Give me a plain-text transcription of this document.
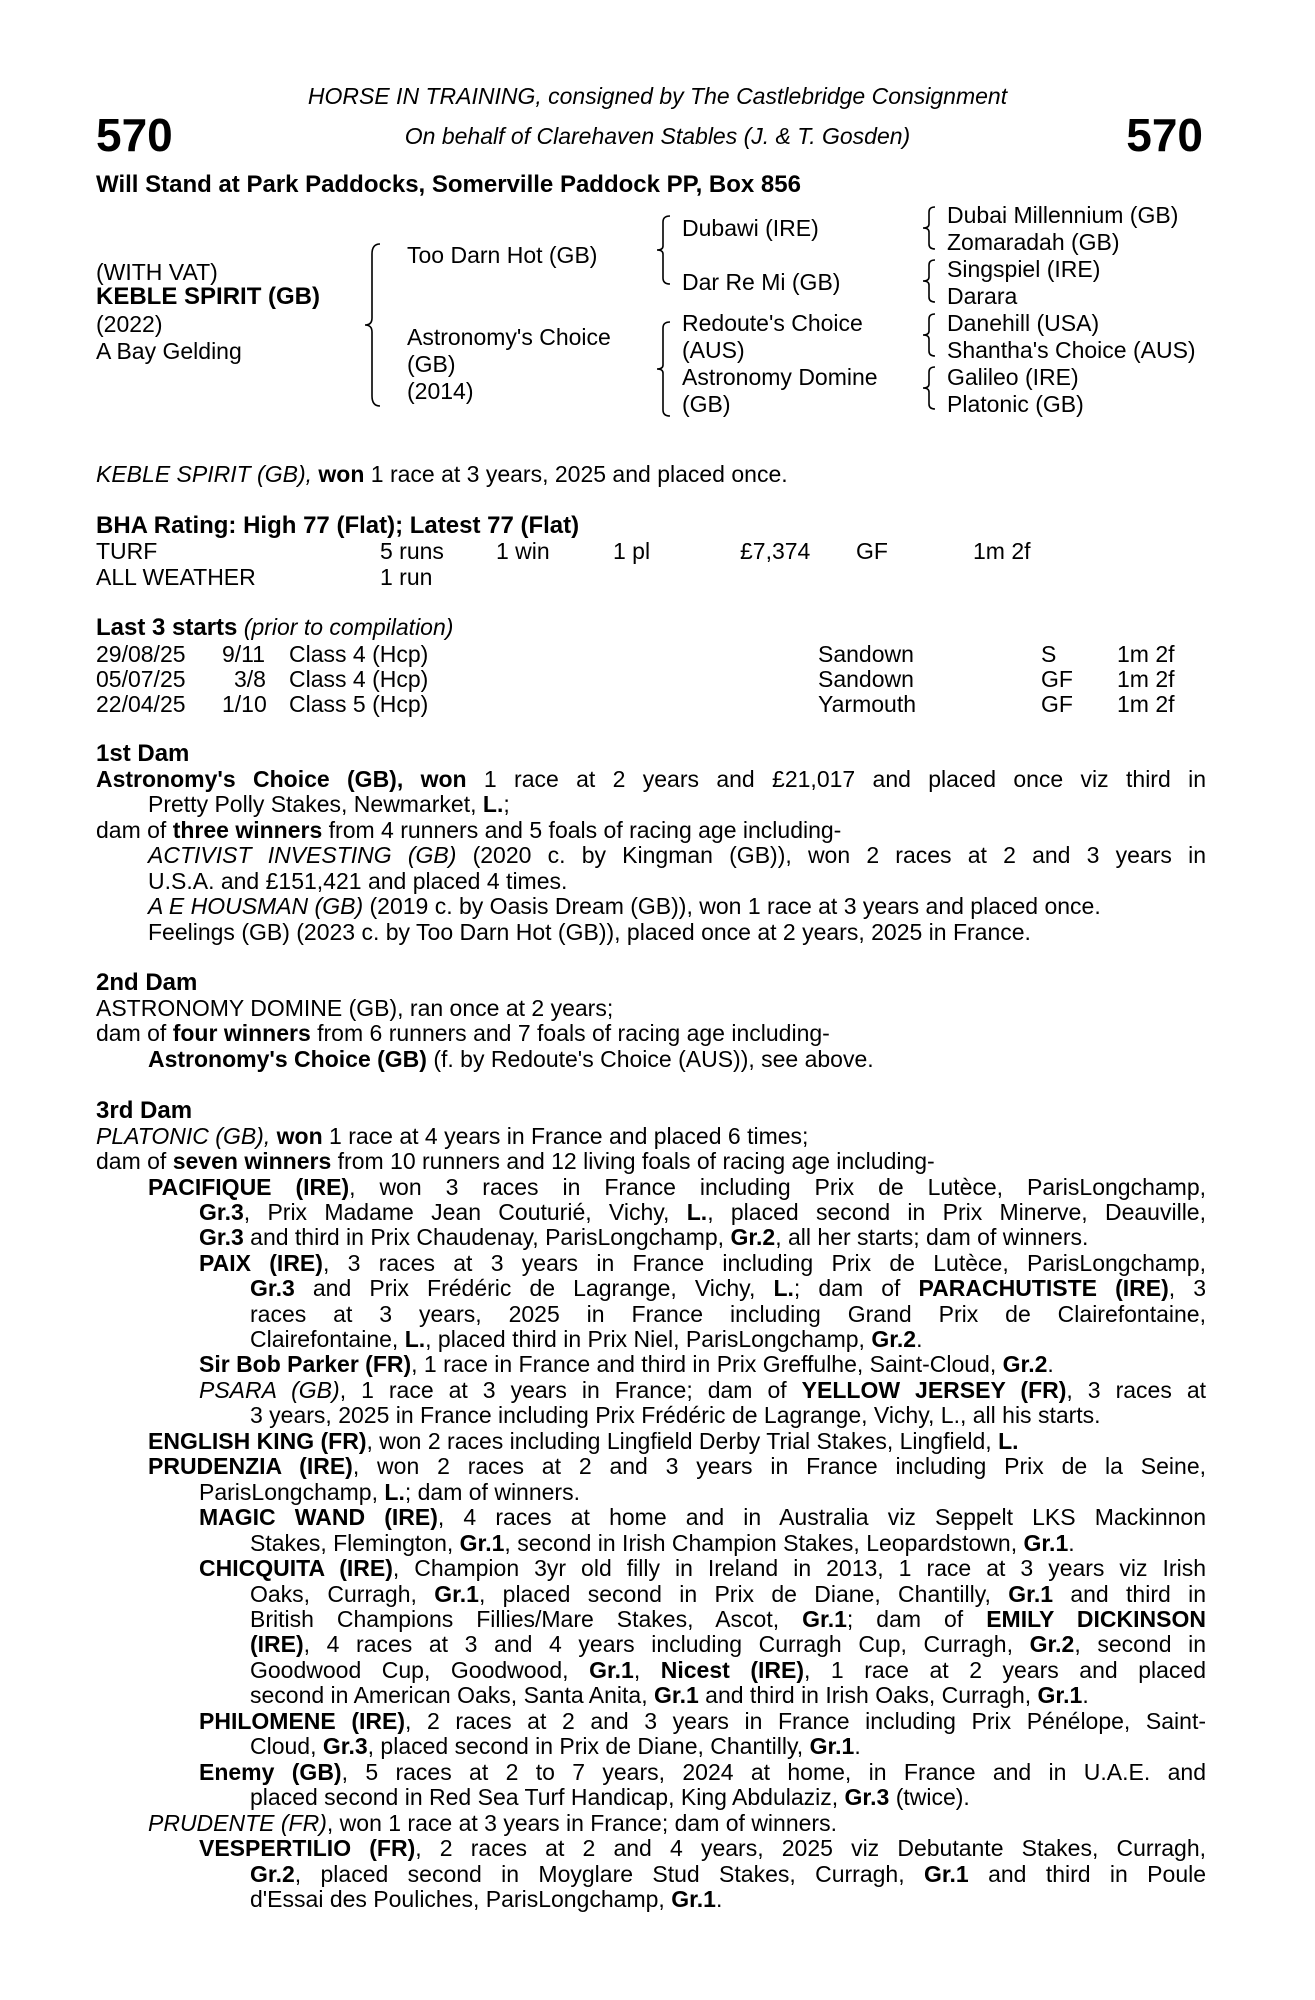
570	570
HORSE IN TRAINING, consigned by The Castlebridge Consignment
On behalf of Clarehaven Stables (J. & T. Gosden)
Will Stand at Park Paddocks, Somerville Paddock PP, Box 856
(WITH VAT)
KEBLE SPIRIT (GB)
(2022)
A Bay Gelding
Too Darn Hot (GB)
Astronomy's Choice
(GB)
(2014)
Dubawi (IRE)
Dar Re Mi (GB)
Redoute's Choice
(AUS)
Astronomy Domine
(GB)
Dubai Millennium (GB)
Zomaradah (GB)
Singspiel (IRE)
Darara
Danehill (USA)
Shantha's Choice (AUS)
Galileo (IRE)
Platonic (GB)
KEBLE SPIRIT (GB), won 1 race at 3 years, 2025 and placed once.
BHA Rating: High 77 (Flat); Latest 77 (Flat)
TURF	5 runs 1 win	1 pl	£7,374 GF	1m 2f
ALL WEATHER	1 run
Last 3 starts (prior to compilation)
29/08/25 9/11 Class 4 (Hcp)	Sandown	S	1m 2f
05/07/25 3/8 Class 4 (Hcp)	Sandown	GF 1m 2f
22/04/25 1/10 Class 5 (Hcp)	Yarmouth	GF 1m 2f
1st Dam
Astronomy's Choice (GB), won 1 race at 2 years and £21,017 and placed once viz third in
Pretty Polly Stakes, Newmarket, L.;
dam of three winners from 4 runners and 5 foals of racing age including-
ACTIVIST INVESTING (GB) (2020 c. by Kingman (GB)), won 2 races at 2 and 3 years in
U.S.A. and £151,421 and placed 4 times.
A E HOUSMAN (GB) (2019 c. by Oasis Dream (GB)), won 1 race at 3 years and placed once.
Feelings (GB) (2023 c. by Too Darn Hot (GB)), placed once at 2 years, 2025 in France.
2nd Dam
ASTRONOMY DOMINE (GB), ran once at 2 years;
dam of four winners from 6 runners and 7 foals of racing age including-
Astronomy's Choice (GB) (f. by Redoute's Choice (AUS)), see above.
3rd Dam
PLATONIC (GB), won 1 race at 4 years in France and placed 6 times;
dam of seven winners from 10 runners and 12 living foals of racing age including-
PACIFIQUE (IRE), won 3 races in France including Prix de Lutèce, ParisLongchamp,
Gr.3, Prix Madame Jean Couturié, Vichy, L., placed second in Prix Minerve, Deauville,
Gr.3 and third in Prix Chaudenay, ParisLongchamp, Gr.2, all her starts; dam of winners.
PAIX (IRE), 3 races at 3 years in France including Prix de Lutèce, ParisLongchamp,
Gr.3 and Prix Frédéric de Lagrange, Vichy, L.; dam of PARACHUTISTE (IRE), 3
races at 3 years, 2025 in France including Grand Prix de Clairefontaine,
Clairefontaine, L., placed third in Prix Niel, ParisLongchamp, Gr.2.
Sir Bob Parker (FR), 1 race in France and third in Prix Greffulhe, Saint-Cloud, Gr.2.
PSARA (GB), 1 race at 3 years in France; dam of YELLOW JERSEY (FR), 3 races at
3 years, 2025 in France including Prix Frédéric de Lagrange, Vichy, L., all his starts.
ENGLISH KING (FR), won 2 races including Lingfield Derby Trial Stakes, Lingfield, L.
PRUDENZIA (IRE), won 2 races at 2 and 3 years in France including Prix de la Seine,
ParisLongchamp, L.; dam of winners.
MAGIC WAND (IRE), 4 races at home and in Australia viz Seppelt LKS Mackinnon
Stakes, Flemington, Gr.1, second in Irish Champion Stakes, Leopardstown, Gr.1.
CHICQUITA (IRE), Champion 3yr old filly in Ireland in 2013, 1 race at 3 years viz Irish
Oaks, Curragh, Gr.1, placed second in Prix de Diane, Chantilly, Gr.1 and third in
British Champions Fillies/Mare Stakes, Ascot, Gr.1; dam of EMILY DICKINSON
(IRE), 4 races at 3 and 4 years including Curragh Cup, Curragh, Gr.2, second in
Goodwood Cup, Goodwood, Gr.1, Nicest (IRE), 1 race at 2 years and placed
second in American Oaks, Santa Anita, Gr.1 and third in Irish Oaks, Curragh, Gr.1.
PHILOMENE (IRE), 2 races at 2 and 3 years in France including Prix Pénélope, Saint-
Cloud, Gr.3, placed second in Prix de Diane, Chantilly, Gr.1.
Enemy (GB), 5 races at 2 to 7 years, 2024 at home, in France and in U.A.E. and
placed second in Red Sea Turf Handicap, King Abdulaziz, Gr.3 (twice).
PRUDENTE (FR), won 1 race at 3 years in France; dam of winners.
VESPERTILIO (FR), 2 races at 2 and 4 years, 2025 viz Debutante Stakes, Curragh,
Gr.2, placed second in Moyglare Stud Stakes, Curragh, Gr.1 and third in Poule
d'Essai des Pouliches, ParisLongchamp, Gr.1.
